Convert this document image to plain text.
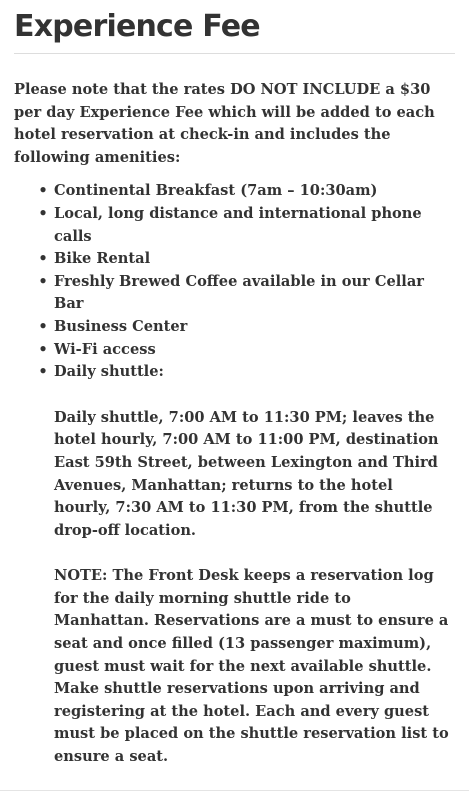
Experience Fee

Please note that the rates DO NOT INCLUDE a $30 per day Experience Fee which will be added to each hotel reservation at check-in and includes the following amenities:

• Continental Breakfast (7am – 10:30am)
• Local, long distance and international phone calls
• Bike Rental
• Freshly Brewed Coffee available in our Cellar Bar
• Business Center
• Wi-Fi access
• Daily shuttle:

Daily shuttle, 7:00 AM to 11:30 PM; leaves the hotel hourly, 7:00 AM to 11:00 PM, destination East 59th Street, between Lexington and Third Avenues, Manhattan; returns to the hotel hourly, 7:30 AM to 11:30 PM, from the shuttle drop-off location.

NOTE: The Front Desk keeps a reservation log for the daily morning shuttle ride to Manhattan. Reservations are a must to ensure a seat and once filled (13 passenger maximum), guest must wait for the next available shuttle. Make shuttle reservations upon arriving and registering at the hotel. Each and every guest must be placed on the shuttle reservation list to ensure a seat.
